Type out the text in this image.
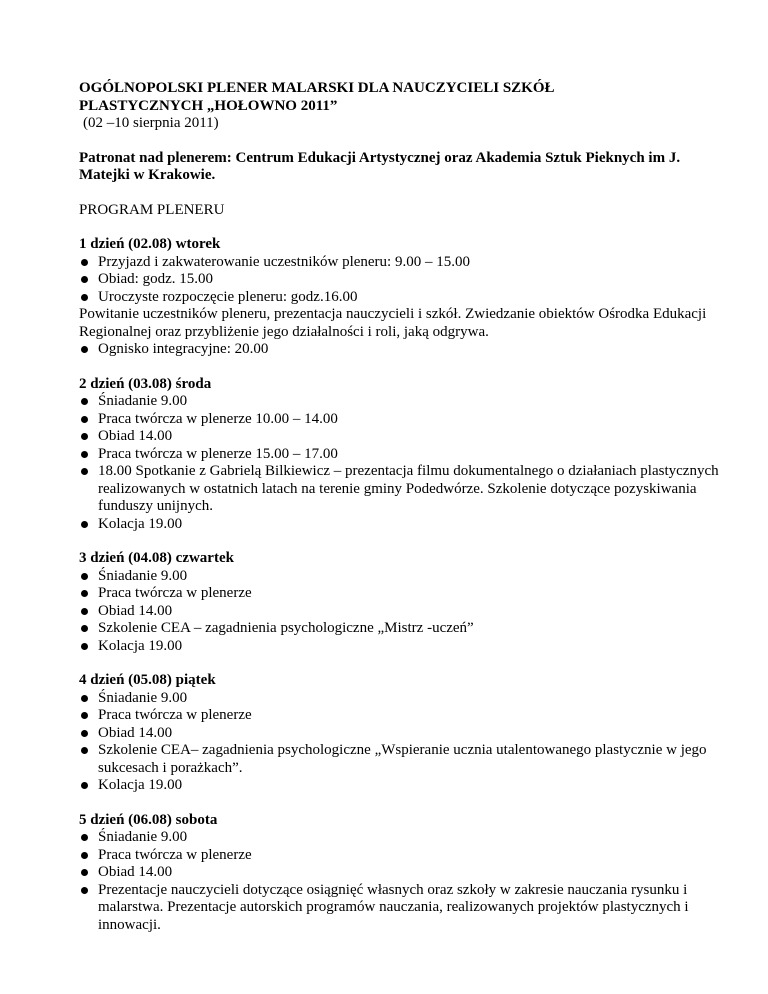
OGÓLNOPOLSKI PLENER MALARSKI DLA NAUCZYCIELI SZKÓŁ
PLASTYCZNYCH „HOŁOWNO 2011”
(02 –10 sierpnia 2011)
Patronat nad plenerem: Centrum Edukacji Artystycznej oraz Akademia Sztuk Pieknych im J. Matejki w Krakowie.
PROGRAM PLENERU
1 dzień (02.08) wtorek
Przyjazd i zakwaterowanie uczestników pleneru: 9.00 – 15.00
Obiad: godz. 15.00
Uroczyste rozpoczęcie pleneru: godz.16.00
Powitanie uczestników pleneru, prezentacja nauczycieli i szkół. Zwiedzanie obiektów Ośrodka Edukacji Regionalnej oraz przybliżenie jego działalności i roli, jaką odgrywa.
Ognisko integracyjne: 20.00
2 dzień (03.08) środa
Śniadanie 9.00
Praca twórcza w plenerze 10.00 – 14.00
Obiad 14.00
Praca twórcza w plenerze 15.00 – 17.00
18.00 Spotkanie z Gabrielą Bilkiewicz – prezentacja filmu dokumentalnego o działaniach plastycznych realizowanych w ostatnich latach na terenie gminy Podedwórze. Szkolenie dotyczące pozyskiwania funduszy unijnych.
Kolacja 19.00
3 dzień (04.08) czwartek
Śniadanie 9.00
Praca twórcza w plenerze
Obiad 14.00
Szkolenie CEA – zagadnienia psychologiczne „Mistrz -uczeń”
Kolacja 19.00
4 dzień (05.08) piątek
Śniadanie 9.00
Praca twórcza w plenerze
Obiad 14.00
Szkolenie CEA– zagadnienia psychologiczne „Wspieranie ucznia utalentowanego plastycznie w jego sukcesach i porażkach”.
Kolacja 19.00
5 dzień (06.08) sobota
Śniadanie 9.00
Praca twórcza w plenerze
Obiad 14.00
Prezentacje nauczycieli dotyczące osiągnięć własnych oraz szkoły w zakresie nauczania rysunku i malarstwa. Prezentacje autorskich programów nauczania, realizowanych projektów plastycznych i innowacji.
